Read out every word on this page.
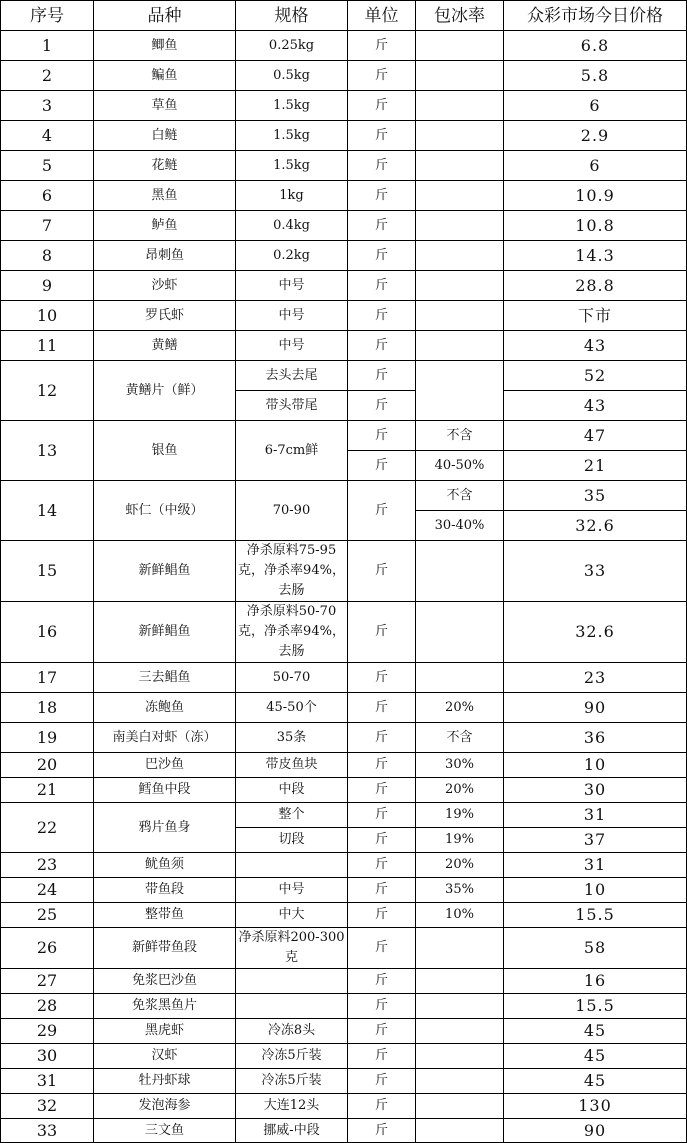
序号	品种	规格	单位	包冰率	众彩市场今日价格
1	鲫鱼	0.25kg	斤		6.8
2	鳊鱼	0.5kg	斤		5.8
3	草鱼	1.5kg	斤		6
4	白鲢	1.5kg	斤		2.9
5	花鲢	1.5kg	斤		6
6	黑鱼	1kg	斤		10.9
7	鲈鱼	0.4kg	斤		10.8
8	昂刺鱼	0.2kg	斤		14.3
9	沙虾	中号	斤		28.8
10	罗氏虾	中号	斤		下市
11	黄鳝	中号	斤		43
12	黄鳝片（鲜）	去头去尾	斤		52
		带头带尾	斤		43
13	银鱼	6-7cm鲜	斤	不含	47
			斤	40-50%	21
14	虾仁（中级）	70-90	斤	不含	35
				30-40%	32.6
15	新鲜鲳鱼	净杀原料75-95克，净杀率94%，去肠	斤		33
16	新鲜鲳鱼	净杀原料50-70克，净杀率94%，去肠	斤		32.6
17	三去鲳鱼	50-70	斤		23
18	冻鲍鱼	45-50个	斤	20%	90
19	南美白对虾（冻）	35条	斤	不含	36
20	巴沙鱼	带皮鱼块	斤	30%	10
21	鳕鱼中段	中段	斤	20%	30
22	鸦片鱼身	整个	斤	19%	31
		切段	斤	19%	37
23	鱿鱼须		斤	20%	31
24	带鱼段	中号	斤	35%	10
25	整带鱼	中大	斤	10%	15.5
26	新鲜带鱼段	净杀原料200-300克	斤		58
27	免浆巴沙鱼		斤		16
28	免浆黑鱼片		斤		15.5
29	黑虎虾	冷冻8头	斤		45
30	汉虾	冷冻5斤装	斤		45
31	牡丹虾球	冷冻5斤装	斤		45
32	发泡海参	大连12头	斤		130
33	三文鱼	挪威-中段	斤		90
